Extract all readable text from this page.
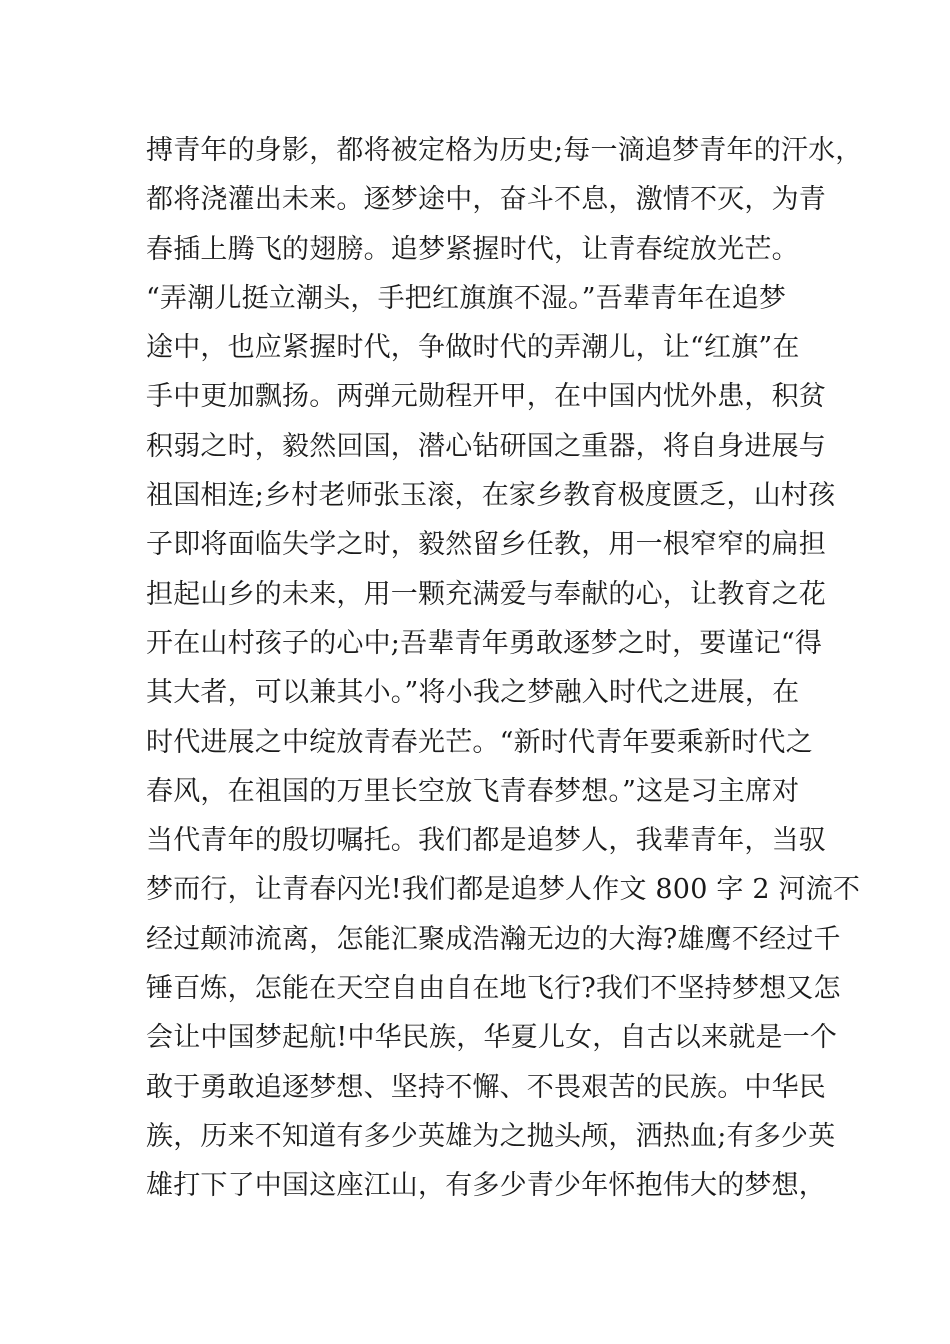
搏青年的身影，都将被定格为历史;每一滴追梦青年的汗水，
都将浇灌出未来。逐梦途中，奋斗不息，激情不灭，为青
春插上腾飞的翅膀。追梦紧握时代，让青春绽放光芒。
“弄潮儿挺立潮头，手把红旗旗不湿。”吾辈青年在追梦
途中，也应紧握时代，争做时代的弄潮儿，让“红旗”在
手中更加飘扬。两弹元勋程开甲，在中国内忧外患，积贫
积弱之时，毅然回国，潜心钻研国之重器，将自身进展与
祖国相连;乡村老师张玉滚，在家乡教育极度匮乏，山村孩
子即将面临失学之时，毅然留乡任教，用一根窄窄的扁担
担起山乡的未来，用一颗充满爱与奉献的心，让教育之花
开在山村孩子的心中;吾辈青年勇敢逐梦之时，要谨记“得
其大者，可以兼其小。”将小我之梦融入时代之进展，在
时代进展之中绽放青春光芒。“新时代青年要乘新时代之
春风，在祖国的万里长空放飞青春梦想。”这是习主席对
当代青年的殷切嘱托。我们都是追梦人，我辈青年，当驭
梦而行，让青春闪光!我们都是追梦人作文 800 字 2 河流不
经过颠沛流离，怎能汇聚成浩瀚无边的大海?雄鹰不经过千
锤百炼，怎能在天空自由自在地飞行?我们不坚持梦想又怎
会让中国梦起航!中华民族，华夏儿女，自古以来就是一个
敢于勇敢追逐梦想、坚持不懈、不畏艰苦的民族。中华民
族，历来不知道有多少英雄为之抛头颅，洒热血;有多少英
雄打下了中国这座江山，有多少青少年怀抱伟大的梦想，
